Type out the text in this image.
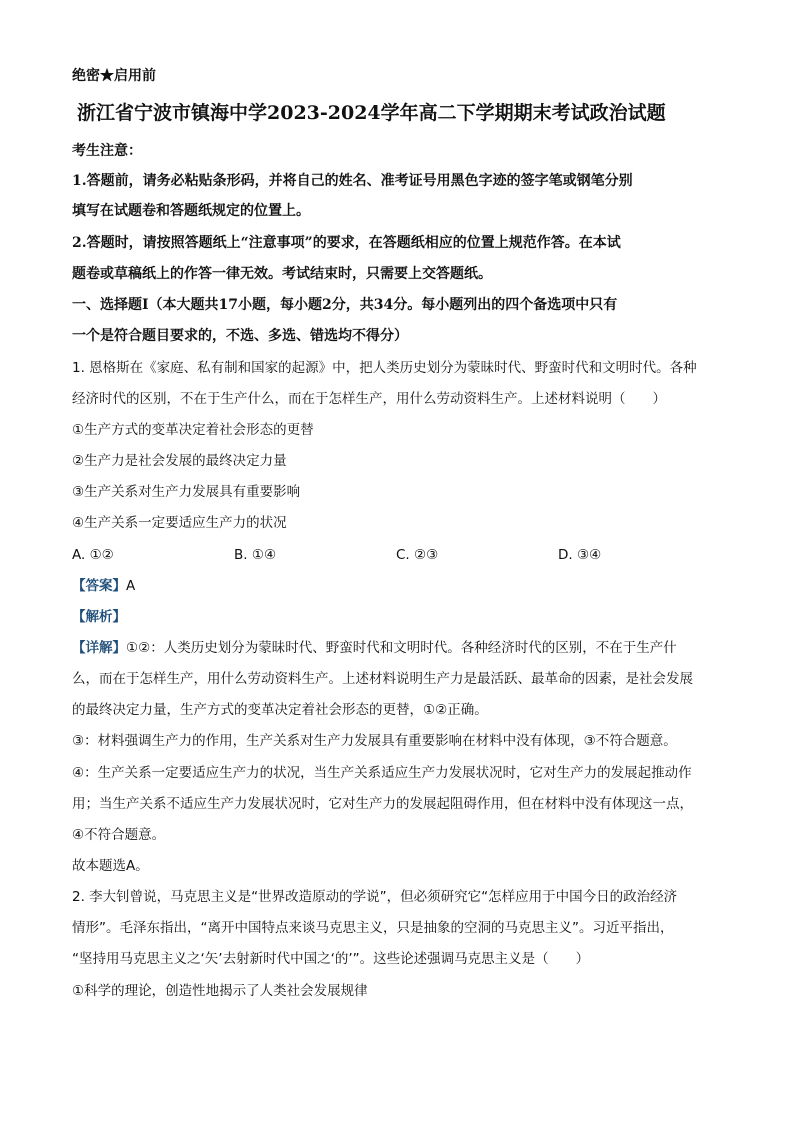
绝密★启用前
浙江省宁波市镇海中学2023-2024学年高二下学期期末考试政治试题
考生注意：
1.答题前，请务必粘贴条形码，并将自己的姓名、准考证号用黑色字迹的签字笔或钢笔分别
填写在试题卷和答题纸规定的位置上。
2.答题时，请按照答题纸上“注意事项”的要求，在答题纸相应的位置上规范作答。在本试
题卷或草稿纸上的作答一律无效。考试结束时，只需要上交答题纸。
一、选择题Ⅰ（本大题共17小题，每小题2分，共34分。每小题列出的四个备选项中只有
一个是符合题目要求的，不选、多选、错选均不得分）
1. 恩格斯在《家庭、私有制和国家的起源》中，把人类历史划分为蒙昧时代、野蛮时代和文明时代。各种
经济时代的区别，不在于生产什么，而在于怎样生产，用什么劳动资料生产。上述材料说明（　　）
①生产方式的变革决定着社会形态的更替
②生产力是社会发展的最终决定力量
③生产关系对生产力发展具有重要影响
④生产关系一定要适应生产力的状况
A. ①②	B. ①④	C. ②③	D. ③④
【答案】A
【解析】
【详解】①②：人类历史划分为蒙昧时代、野蛮时代和文明时代。各种经济时代的区别，不在于生产什
么，而在于怎样生产，用什么劳动资料生产。上述材料说明生产力是最活跃、最革命的因素，是社会发展
的最终决定力量，生产方式的变革决定着社会形态的更替，①②正确。
③：材料强调生产力的作用，生产关系对生产力发展具有重要影响在材料中没有体现，③不符合题意。
④：生产关系一定要适应生产力的状况，当生产关系适应生产力发展状况时，它对生产力的发展起推动作
用；当生产关系不适应生产力发展状况时，它对生产力的发展起阻碍作用，但在材料中没有体现这一点，
④不符合题意。
故本题选A。
2. 李大钊曾说，马克思主义是“世界改造原动的学说”，但必须研究它“怎样应用于中国今日的政治经济
情形”。毛泽东指出，“离开中国特点来谈马克思主义，只是抽象的空洞的马克思主义”。习近平指出，
“坚持用马克思主义之‘矢’去射新时代中国之‘的’”。这些论述强调马克思主义是（　　）
①科学的理论，创造性地揭示了人类社会发展规律
